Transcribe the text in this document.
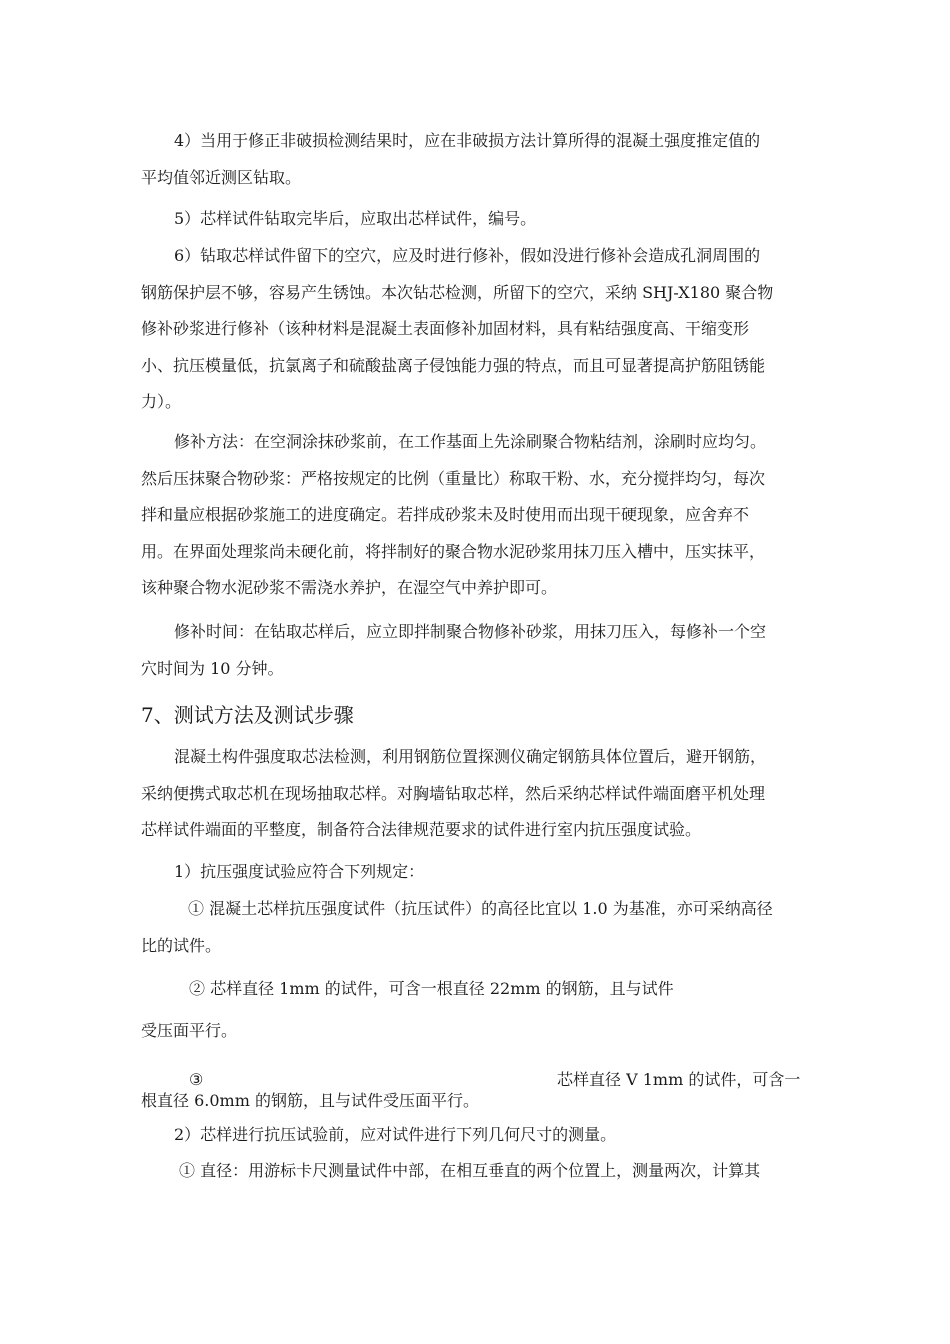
4）当用于修正非破损检测结果时，应在非破损方法计算所得的混凝土强度推定值的
平均值邻近测区钻取。
5）芯样试件钻取完毕后，应取出芯样试件，编号。
6）钻取芯样试件留下的空穴，应及时进行修补，假如没进行修补会造成孔洞周围的
钢筋保护层不够，容易产生锈蚀。本次钻芯检测，所留下的空穴，采纳 SHJ-X180 聚合物
修补砂浆进行修补（该种材料是混凝土表面修补加固材料，具有粘结强度高、干缩变形
小、抗压模量低，抗氯离子和硫酸盐离子侵蚀能力强的特点，而且可显著提高护筋阻锈能
力）。
修补方法：在空洞涂抹砂浆前，在工作基面上先涂刷聚合物粘结剂，涂刷时应均匀。
然后压抹聚合物砂浆：严格按规定的比例（重量比）称取干粉、水，充分搅拌均匀，每次
拌和量应根据砂浆施工的进度确定。若拌成砂浆未及时使用而出现干硬现象，应舍弃不
用。在界面处理浆尚未硬化前，将拌制好的聚合物水泥砂浆用抹刀压入槽中，压实抹平，
该种聚合物水泥砂浆不需浇水养护，在湿空气中养护即可。
修补时间：在钻取芯样后，应立即拌制聚合物修补砂浆，用抹刀压入，每修补一个空
穴时间为 10 分钟。
7、测试方法及测试步骤
混凝土构件强度取芯法检测，利用钢筋位置探测仪确定钢筋具体位置后，避开钢筋，
采纳便携式取芯机在现场抽取芯样。对胸墙钻取芯样，然后采纳芯样试件端面磨平机处理
芯样试件端面的平整度，制备符合法律规范要求的试件进行室内抗压强度试验。
1）抗压强度试验应符合下列规定：
① 混凝土芯样抗压强度试件（抗压试件）的高径比宜以 1.0 为基准，亦可采纳高径
比的试件。
② 芯样直径 1mm 的试件，可含一根直径 22mm 的钢筋，且与试件
受压面平行。
③	芯样直径 V 1mm 的试件，可含一
根直径 6.0mm 的钢筋，且与试件受压面平行。
2）芯样进行抗压试验前，应对试件进行下列几何尺寸的测量。
① 直径：用游标卡尺测量试件中部，在相互垂直的两个位置上，测量两次，计算其
